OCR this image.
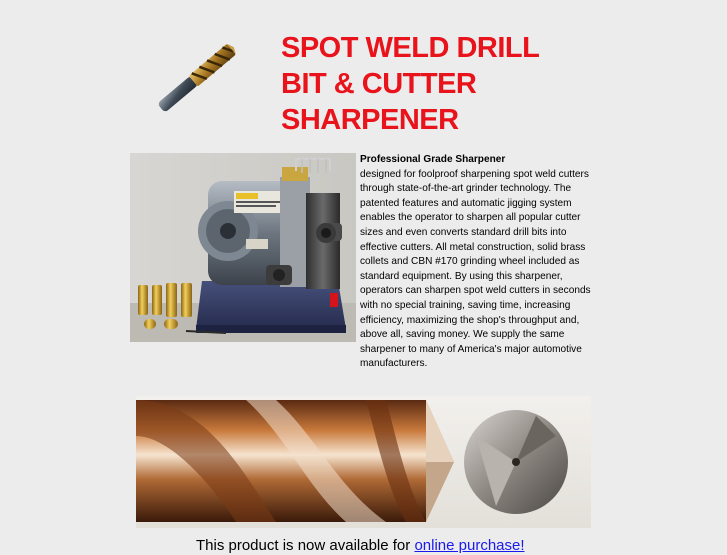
SPOT WELD DRILL
BIT & CUTTER
SHARPENER
Professional Grade Sharpener
designed for foolproof sharpening spot weld cutters through state-of-the-art grinder technology. The patented features and automatic jigging system enables the operator to sharpen all popular cutter sizes and even converts standard drill bits into effective cutters. All metal construction, solid brass collets and CBN #170 grinding wheel included as standard equipment. By using this sharpener, operators can sharpen spot weld cutters in seconds with no special training, saving time, increasing efficiency, maximizing the shop's throughput and, above all, saving money. We supply the same sharpener to many of America's major automotive manufacturers.
This product is now available for online purchase!
